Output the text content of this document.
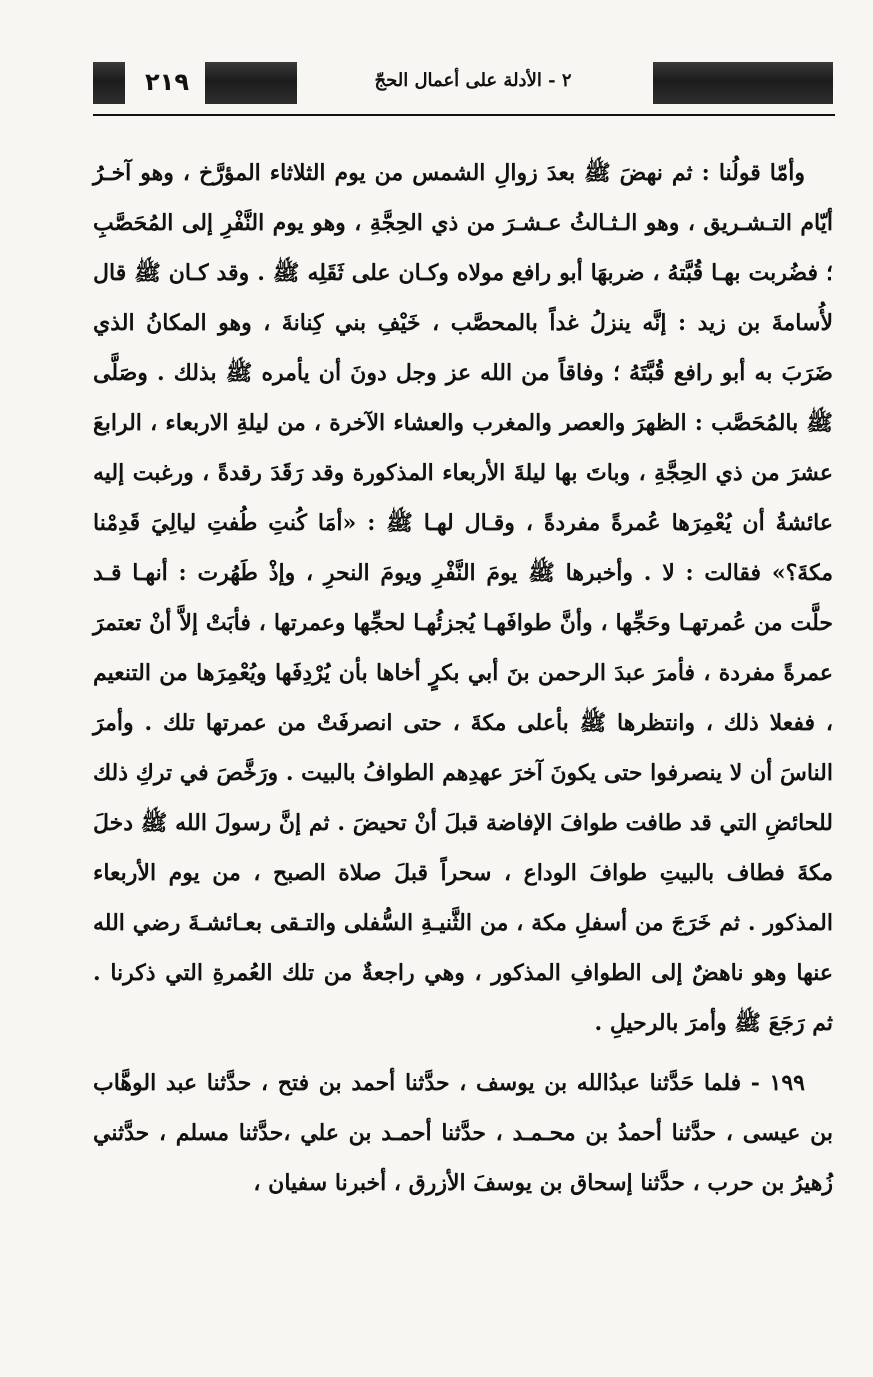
٢١٩	٢ - الأدلة على أعمال الحجّ

وأمّا قولُنا : ثم نهضَ ﷺ بعدَ زوالِ الشمس من يوم الثلاثاء المؤرَّخ ، وهو آخـرُ أيّام التـشـريق ، وهو الـثـالثُ عـشـرَ من ذي الحِجَّةِ ، وهو يوم النَّفْرِ إلى المُحَصَّبِ ؛ فضُربت بهـا قُبَّتهُ ، ضربهَا أبو رافع مولاه وكـان على ثَقَلِه ﷺ . وقد كـان ﷺ قال لأُسامةَ بن زيد : إنَّه ينزلُ غداً بالمحصَّب ، خَيْفِ بني كِنانةَ ، وهو المكانُ الذي ضَرَبَ به أبو رافع قُبَّتَهُ ؛ وفاقاً من الله عز وجل دونَ أن يأمره ﷺ بذلك . وصَلَّى ﷺ بالمُحَصَّب : الظهرَ والعصر والمغرب والعشاء الآخرة ، من ليلةِ الاربعاء ، الرابعَ عشرَ من ذي الحِجَّةِ ، وباتَ بها ليلةَ الأربعاء المذكورة وقد رَقَدَ رقدةً ، ورغبت إليه عائشةُ أن يُعْمِرَها عُمرةً مفردةً ، وقـال لهـا ﷺ : «أمَا كُنتِ طُفتِ ليالِيَ قَدِمْنا مكةَ؟» فقالت : لا . وأخبرها ﷺ يومَ النَّفْرِ ويومَ النحرِ ، وإذْ طَهُرت : أنهـا قـد حلَّت من عُمرتهـا وحَجِّها ، وأنَّ طوافَهـا يُجزئُهـا لحجِّها وعمرتها ، فأبَتْ إلاَّ أنْ تعتمرَ عمرةً مفردة ، فأمرَ عبدَ الرحمن بنَ أبي بكرٍ أخاها بأن يُرْدِفَها ويُعْمِرَها من التنعيم ، ففعلا ذلك ، وانتظرها ﷺ بأعلى مكةَ ، حتى انصرفَتْ من عمرتها تلك . وأمرَ الناسَ أن لا ينصرفوا حتى يكونَ آخرَ عهدِهم الطوافُ بالبيت . ورَخَّصَ في تركِ ذلك للحائضِ التي قد طافت طوافَ الإفاضة قبلَ أنْ تحيضَ . ثم إنَّ رسولَ الله ﷺ دخلَ مكةَ فطاف بالبيتِ طوافَ الوداع ، سحراً قبلَ صلاة الصبح ، من يوم الأربعاء المذكور . ثم خَرَجَ من أسفلِ مكة ، من الثَّنيـةِ السُّفلى والتـقى بعـائشـةَ رضي الله عنها وهو ناهضٌ إلى الطوافِ المذكور ، وهي راجعةٌ من تلك العُمرةِ التي ذكرنا . ثم رَجَعَ ﷺ وأمرَ بالرحيلِ .

١٩٩ - فلما حَدَّثنا عبدُالله بن يوسف ، حدَّثنا أحمد بن فتح ، حدَّثنا عبد الوهَّاب بن عيسى ، حدَّثنا أحمدُ بن محـمـد ، حدَّثنا أحمـد بن علي ،حدَّثنا مسلم ، حدَّثني زُهيرُ بن حرب ، حدَّثنا إسحاق بن يوسفَ الأزرق ، أخبرنا سفيان ،
